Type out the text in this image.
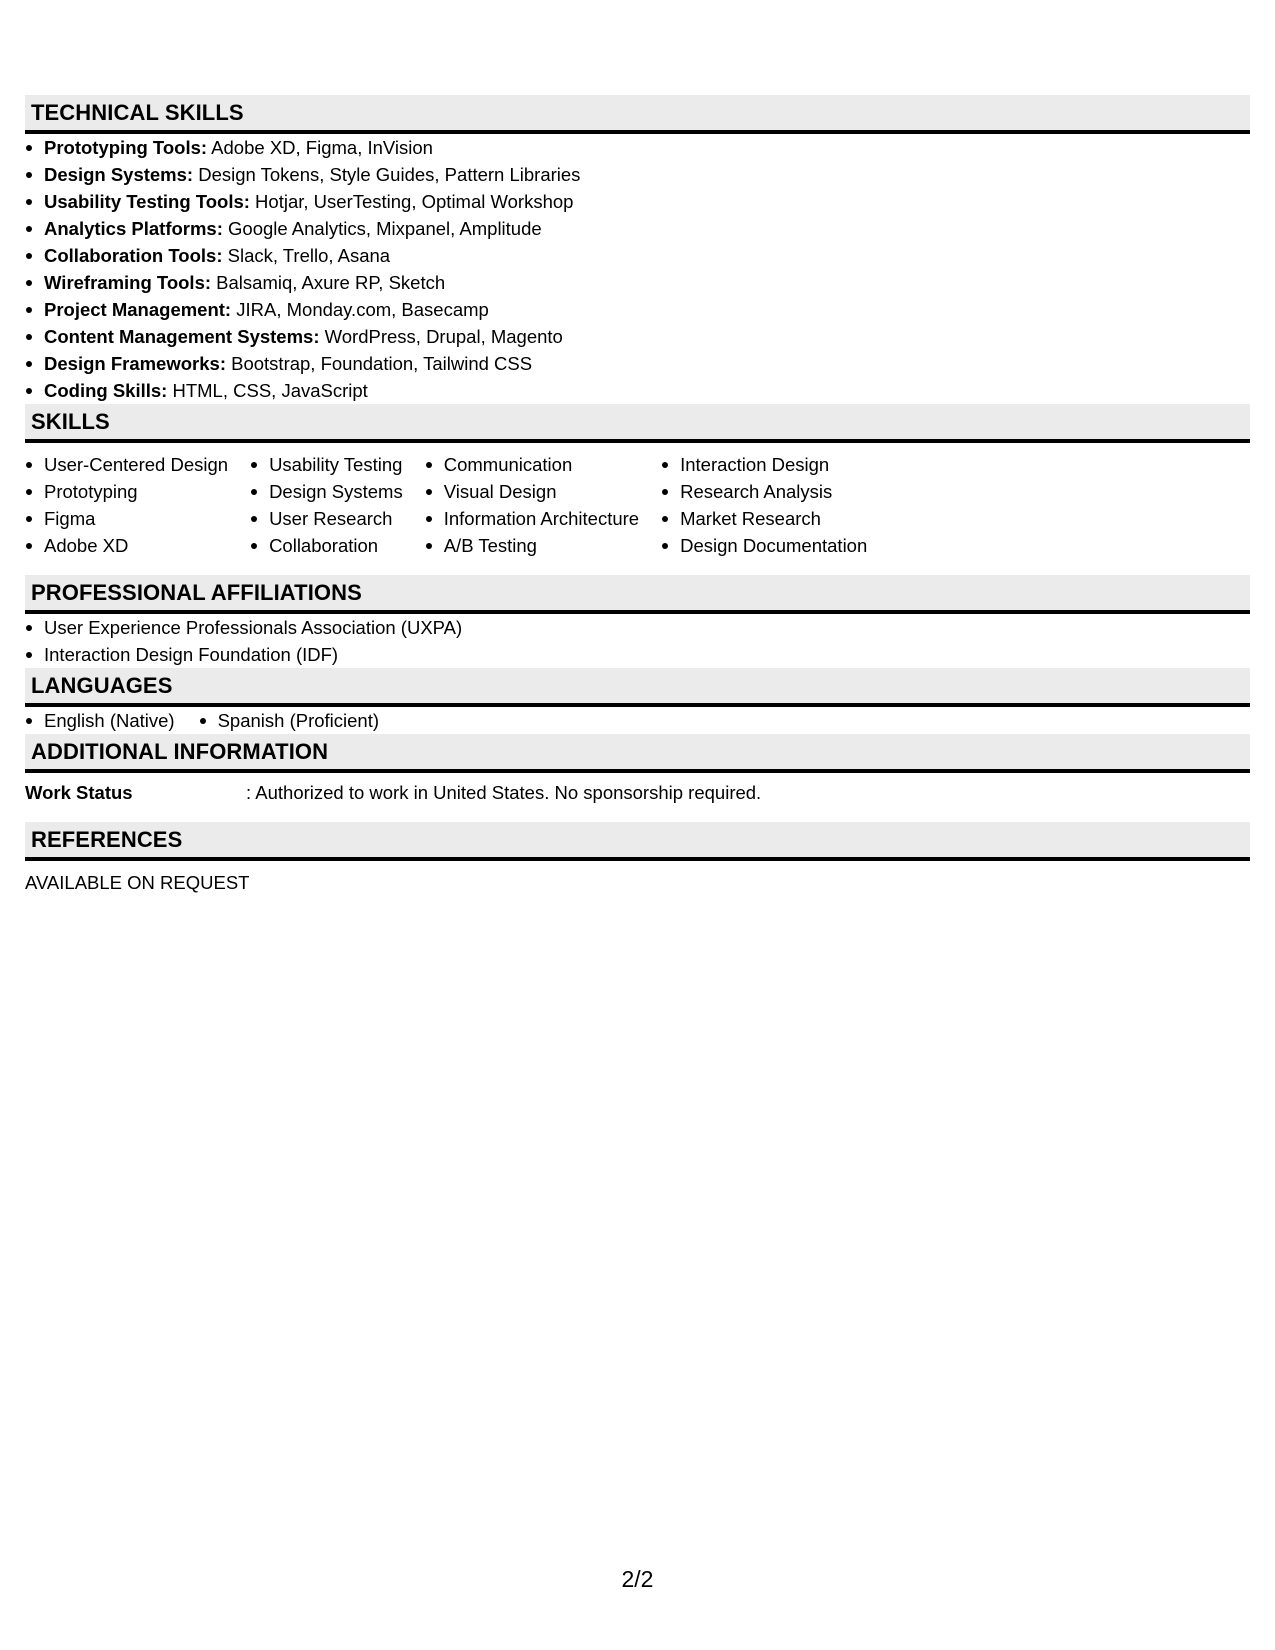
TECHNICAL SKILLS
Prototyping Tools: Adobe XD, Figma, InVision
Design Systems: Design Tokens, Style Guides, Pattern Libraries
Usability Testing Tools: Hotjar, UserTesting, Optimal Workshop
Analytics Platforms: Google Analytics, Mixpanel, Amplitude
Collaboration Tools: Slack, Trello, Asana
Wireframing Tools: Balsamiq, Axure RP, Sketch
Project Management: JIRA, Monday.com, Basecamp
Content Management Systems: WordPress, Drupal, Magento
Design Frameworks: Bootstrap, Foundation, Tailwind CSS
Coding Skills: HTML, CSS, JavaScript
SKILLS
User-Centered Design
Prototyping
Figma
Adobe XD
Usability Testing
Design Systems
User Research
Collaboration
Communication
Visual Design
Information Architecture
A/B Testing
Interaction Design
Research Analysis
Market Research
Design Documentation
PROFESSIONAL AFFILIATIONS
User Experience Professionals Association (UXPA)
Interaction Design Foundation (IDF)
LANGUAGES
English (Native)	Spanish (Proficient)
ADDITIONAL INFORMATION
Work Status	: Authorized to work in United States. No sponsorship required.
REFERENCES
AVAILABLE ON REQUEST
2/2
